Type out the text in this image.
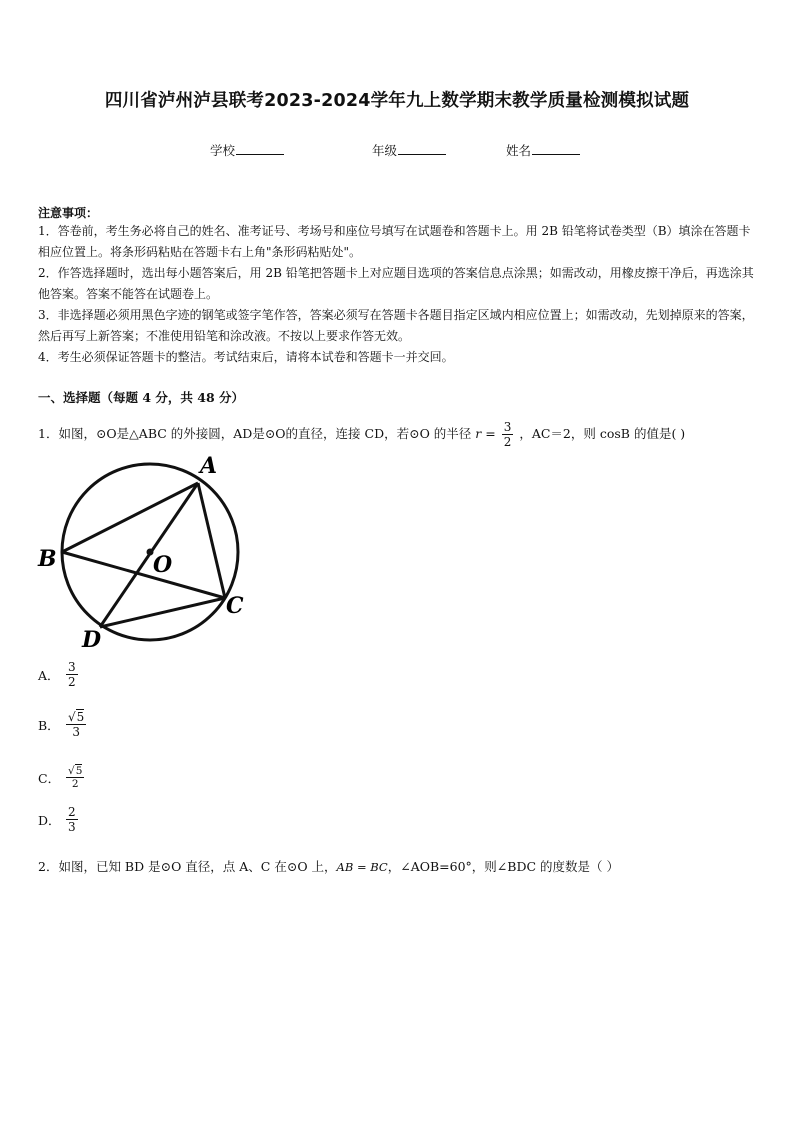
四川省泸州泸县联考2023-2024学年九上数学期末教学质量检测模拟试题
学校	年级	姓名
注意事项：
1．答卷前，考生务必将自己的姓名、准考证号、考场号和座位号填写在试题卷和答题卡上。用 2B 铅笔将试卷类型（B）填涂在答题卡相应位置上。将条形码粘贴在答题卡右上角"条形码粘贴处"。
2．作答选择题时，选出每小题答案后，用 2B 铅笔把答题卡上对应题目选项的答案信息点涂黑；如需改动，用橡皮擦干净后，再选涂其他答案。答案不能答在试题卷上。
3．非选择题必须用黑色字迹的钢笔或签字笔作答，答案必须写在答题卡各题目指定区域内相应位置上；如需改动，先划掉原来的答案，然后再写上新答案；不准使用铅笔和涂改液。不按以上要求作答无效。
4．考生必须保证答题卡的整洁。考试结束后，请将本试卷和答题卡一并交回。
一、选择题（每题 4 分，共 48 分）
1．如图，⊙O是△ABC 的外接圆，AD是⊙O的直径，连接 CD，若⊙O 的半径 $r = \frac{3}{2}$ ，AC＝2，则 cosB 的值是( )
A
B
C
D
O
A． $\frac{3}{2}$
B． $\frac{√5}{3}$
C． $\frac{√5}{2}$
D． $\frac{2}{3}$
2．如图，已知 BD 是⊙O 直径，点 A、C 在⊙O 上，AB = BC，∠AOB=60°，则∠BDC 的度数是（ ）
